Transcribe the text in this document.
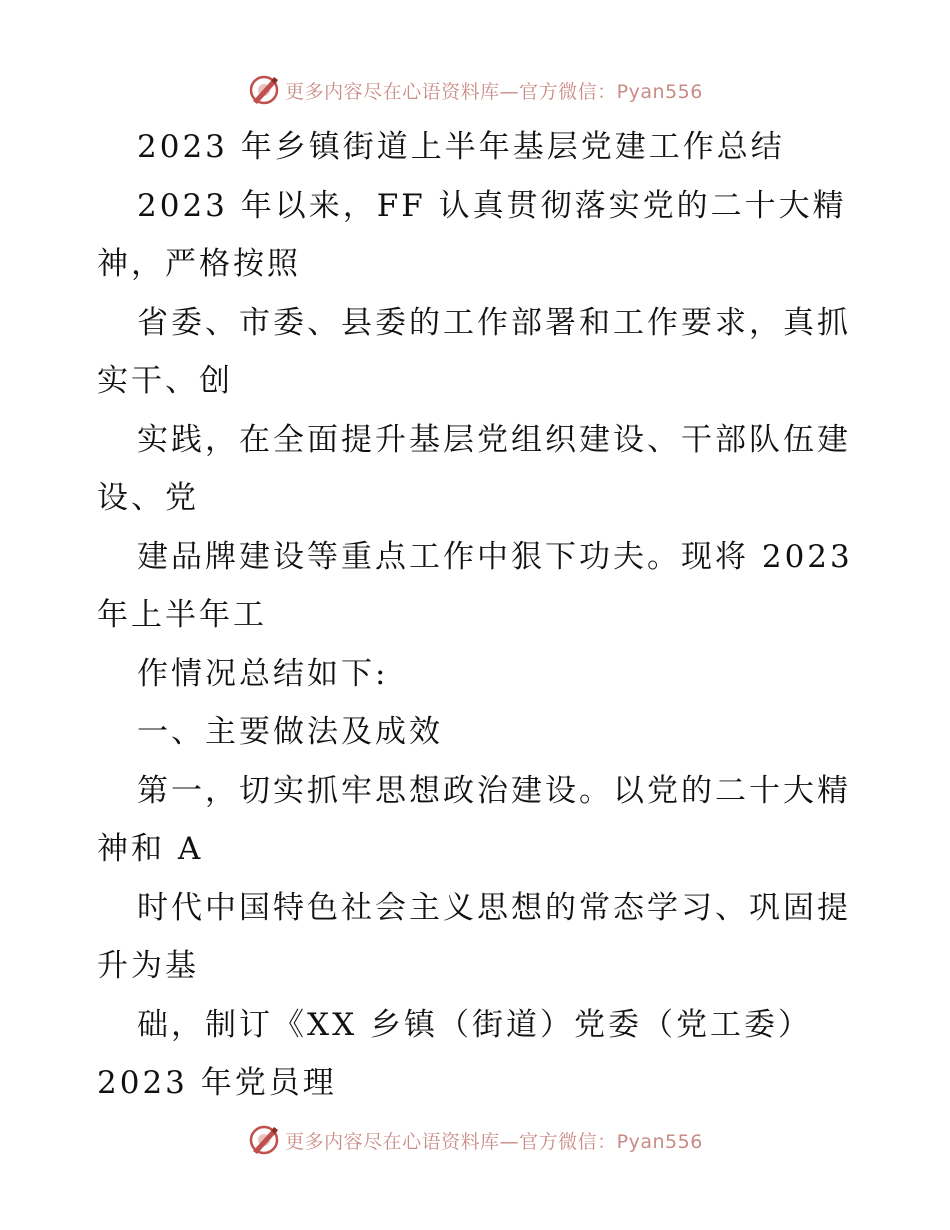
更多内容尽在心语资料库—官方微信：Pyan556
2023 年乡镇街道上半年基层党建工作总结
2023 年以来，FF 认真贯彻落实党的二十大精
神，严格按照
省委、市委、县委的工作部署和工作要求，真抓
实干、创
实践，在全面提升基层党组织建设、干部队伍建
设、党
建品牌建设等重点工作中狠下功夫。现将 2023
年上半年工
作情况总结如下:
一、主要做法及成效
第一，切实抓牢思想政治建设。以党的二十大精
神和 A
时代中国特色社会主义思想的常态学习、巩固提
升为基
础，制订《XX 乡镇（街道）党委（党工委）
2023 年党员理
更多内容尽在心语资料库—官方微信：Pyan556
